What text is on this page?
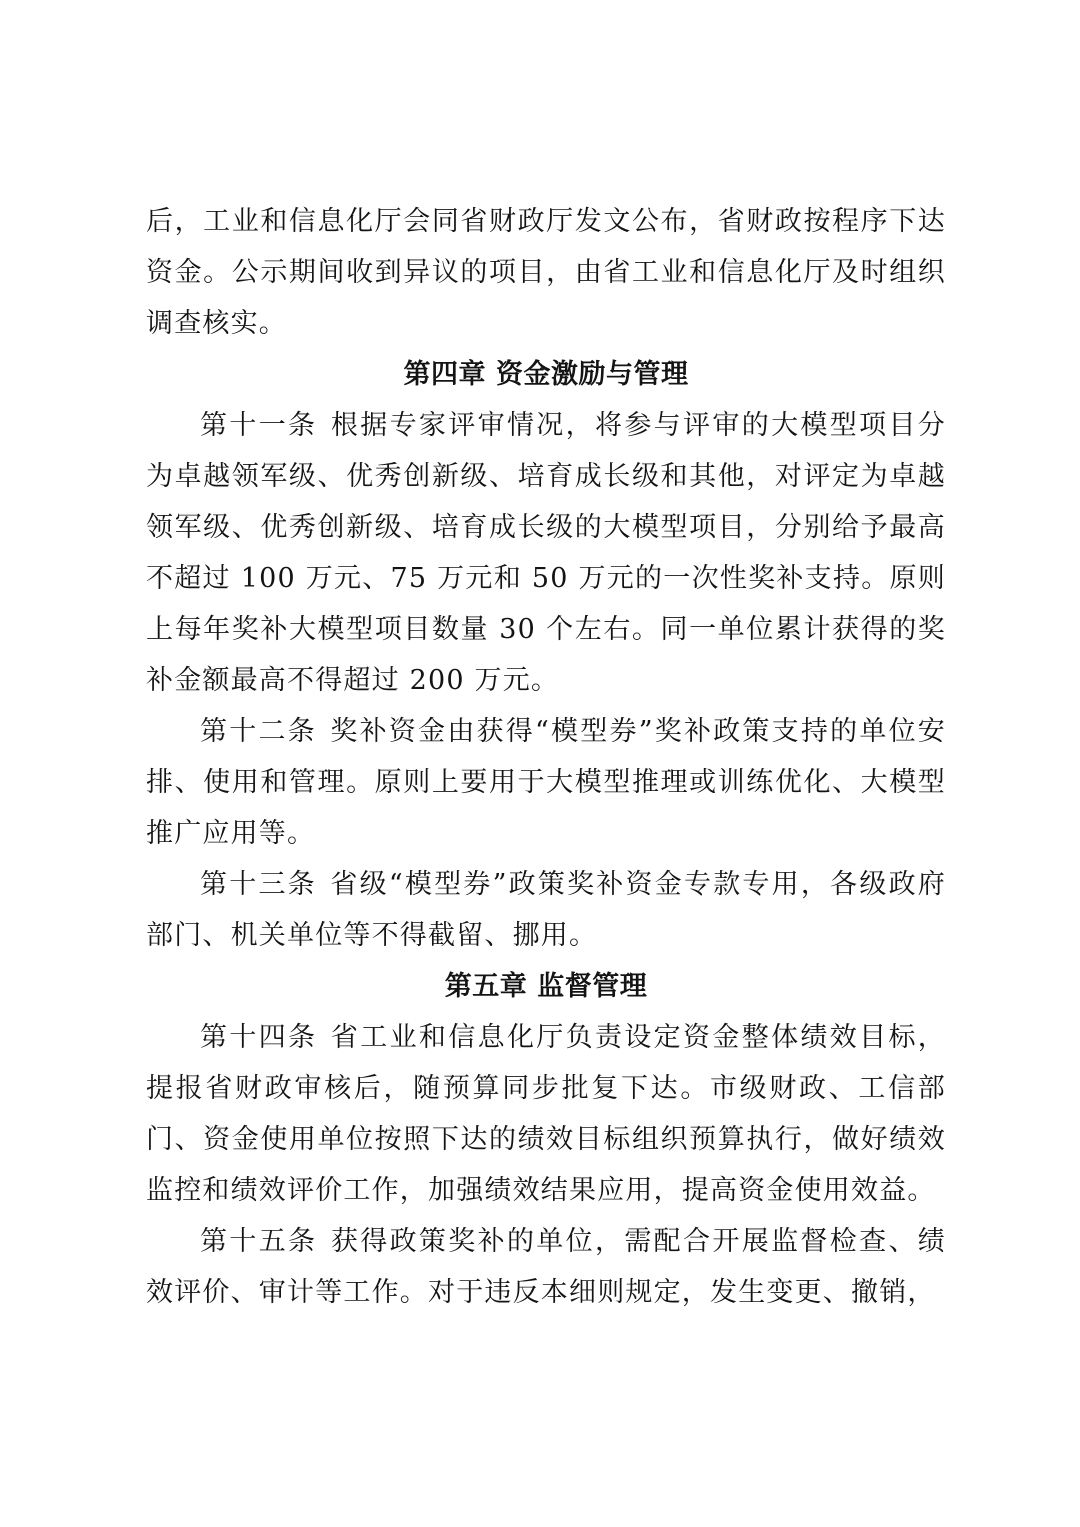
后，工业和信息化厅会同省财政厅发文公布，省财政按程序下达资金。公示期间收到异议的项目，由省工业和信息化厅及时组织调查核实。

第四章 资金激励与管理

第十一条 根据专家评审情况，将参与评审的大模型项目分为卓越领军级、优秀创新级、培育成长级和其他，对评定为卓越领军级、优秀创新级、培育成长级的大模型项目，分别给予最高不超过 100 万元、75 万元和 50 万元的一次性奖补支持。原则上每年奖补大模型项目数量 30 个左右。同一单位累计获得的奖补金额最高不得超过 200 万元。

第十二条 奖补资金由获得“模型券”奖补政策支持的单位安排、使用和管理。原则上要用于大模型推理或训练优化、大模型推广应用等。

第十三条 省级“模型券”政策奖补资金专款专用，各级政府部门、机关单位等不得截留、挪用。

第五章 监督管理

第十四条 省工业和信息化厅负责设定资金整体绩效目标，提报省财政审核后，随预算同步批复下达。市级财政、工信部门、资金使用单位按照下达的绩效目标组织预算执行，做好绩效监控和绩效评价工作，加强绩效结果应用，提高资金使用效益。

第十五条 获得政策奖补的单位，需配合开展监督检查、绩效评价、审计等工作。对于违反本细则规定，发生变更、撤销，
